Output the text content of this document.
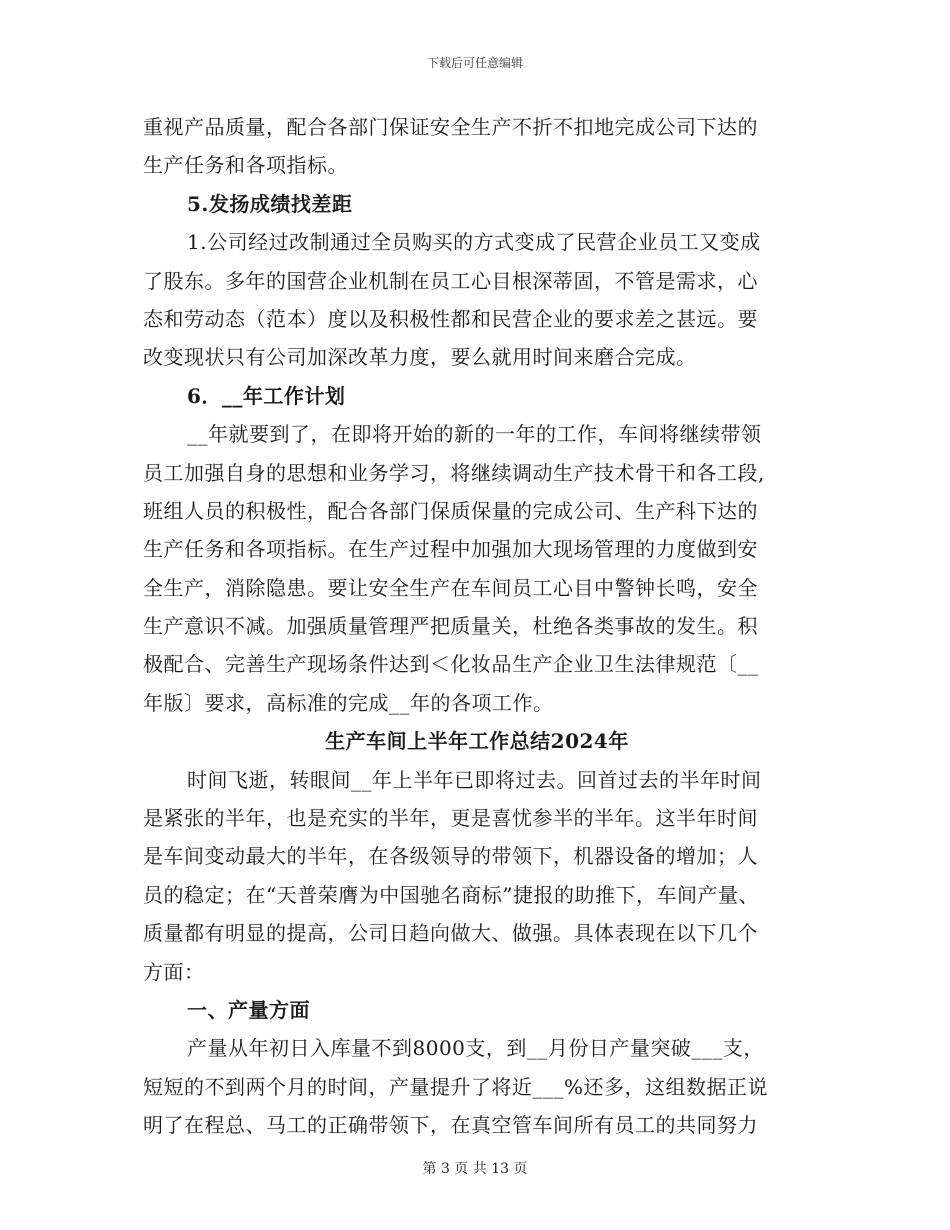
下载后可任意编辑
重视产品质量，配合各部门保证安全生产不折不扣地完成公司下达的
生产任务和各项指标。
5.发扬成绩找差距
1.公司经过改制通过全员购买的方式变成了民营企业员工又变成
了股东。多年的国营企业机制在员工心目根深蒂固，不管是需求，心
态和劳动态（范本）度以及积极性都和民营企业的要求差之甚远。要
改变现状只有公司加深改革力度，要么就用时间来磨合完成。
6．__年工作计划
__年就要到了，在即将开始的新的一年的工作，车间将继续带领
员工加强自身的思想和业务学习，将继续调动生产技术骨干和各工段,
班组人员的积极性，配合各部门保质保量的完成公司、生产科下达的
生产任务和各项指标。在生产过程中加强加大现场管理的力度做到安
全生产，消除隐患。要让安全生产在车间员工心目中警钟长鸣，安全
生产意识不减。加强质量管理严把质量关，杜绝各类事故的发生。积
极配合、完善生产现场条件达到＜化妆品生产企业卫生法律规范〔__
年版〕要求，高标准的完成__年的各项工作。
生产车间上半年工作总结2024年
时间飞逝，转眼间__年上半年已即将过去。回首过去的半年时间
是紧张的半年，也是充实的半年，更是喜忧参半的半年。这半年时间
是车间变动最大的半年，在各级领导的带领下，机器设备的增加；人
员的稳定；在“天普荣膺为中国驰名商标”捷报的助推下，车间产量、
质量都有明显的提高，公司日趋向做大、做强。具体表现在以下几个
方面：
一、产量方面
产量从年初日入库量不到8000支，到__月份日产量突破___支，
短短的不到两个月的时间，产量提升了将近___%还多，这组数据正说
明了在程总、马工的正确带领下，在真空管车间所有员工的共同努力
第 3 页 共 13 页
